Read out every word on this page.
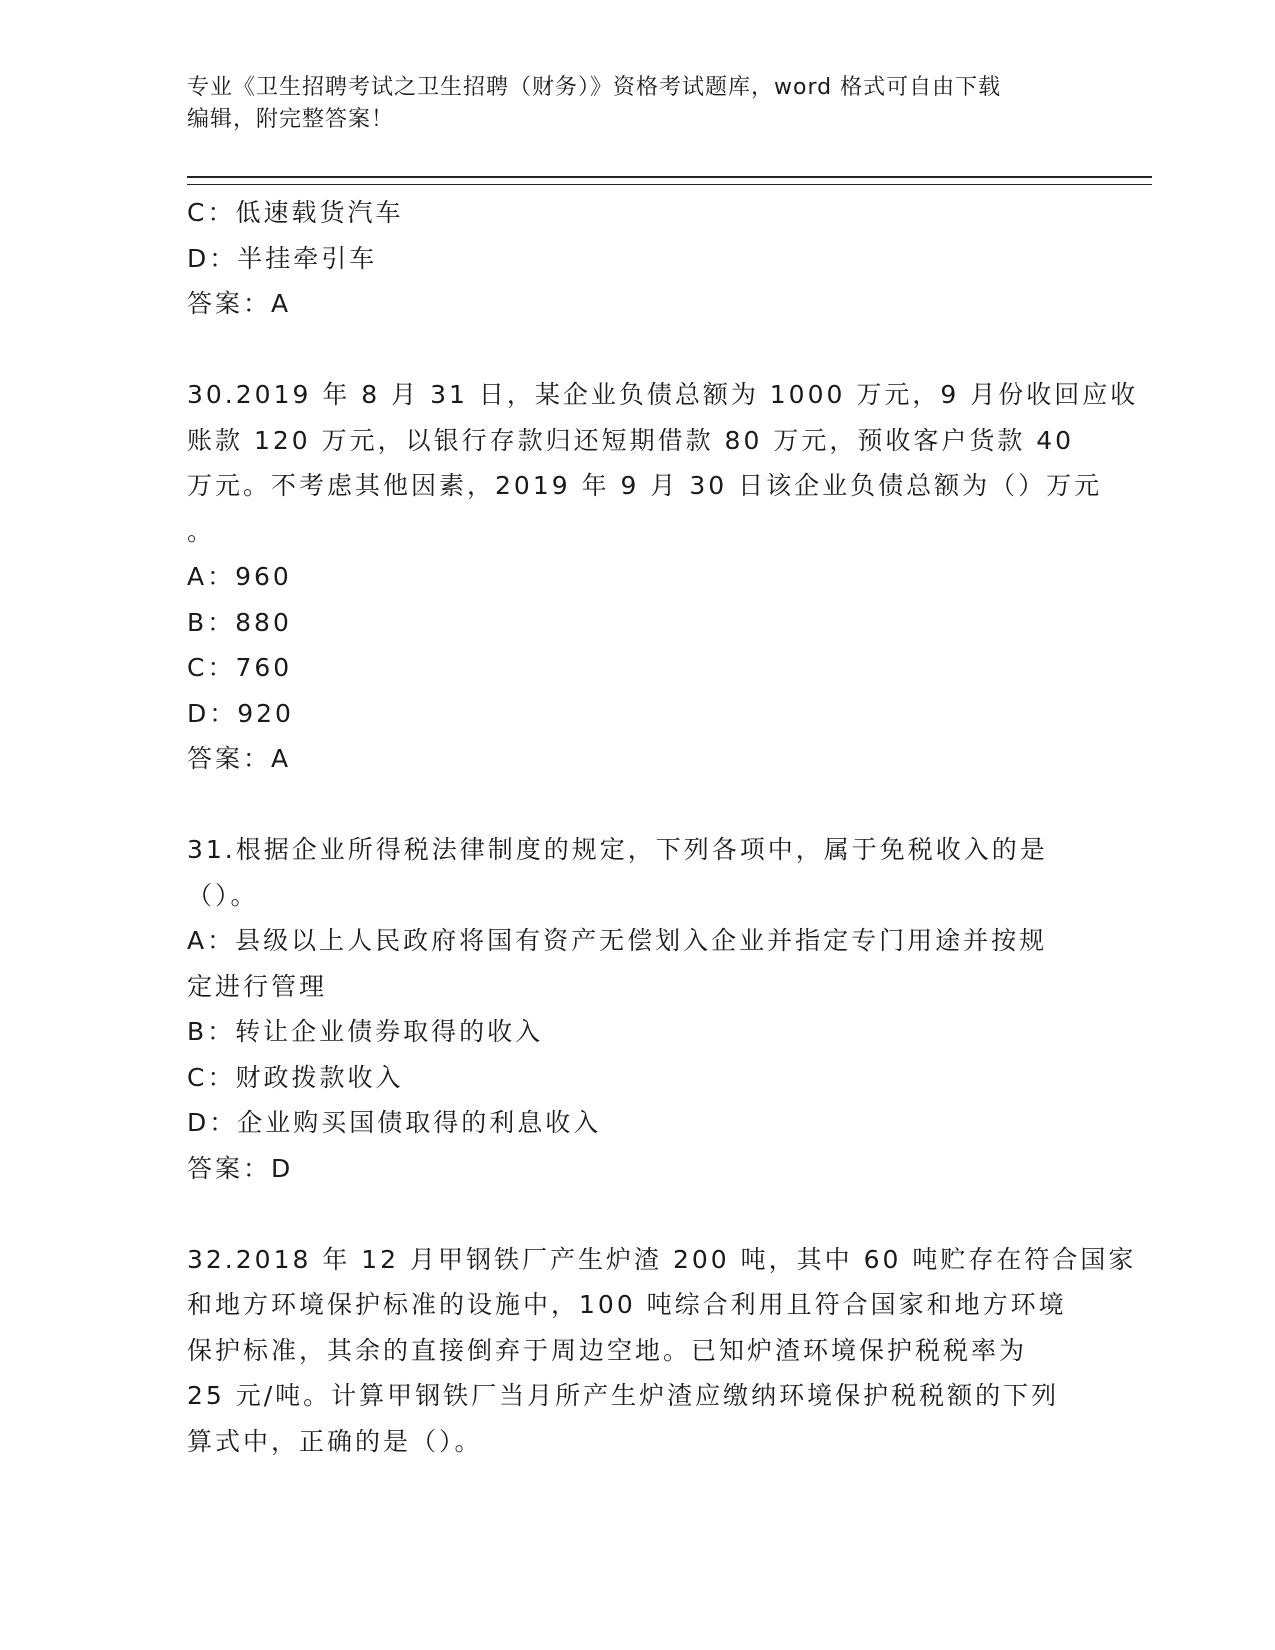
专业《卫生招聘考试之卫生招聘（财务）》资格考试题库，word 格式可自由下载
编辑，附完整答案！
C：低速载货汽车
D：半挂牵引车
答案：A
30.2019 年 8 月 31 日，某企业负债总额为 1000 万元，9 月份收回应收
账款 120 万元，以银行存款归还短期借款 80 万元，预收客户货款 40
万元。不考虑其他因素，2019 年 9 月 30 日该企业负债总额为（）万元
。
A：960
B：880
C：760
D：920
答案：A
31.根据企业所得税法律制度的规定，下列各项中，属于免税收入的是
（）。
A：县级以上人民政府将国有资产无偿划入企业并指定专门用途并按规
定进行管理
B：转让企业债券取得的收入
C：财政拨款收入
D：企业购买国债取得的利息收入
答案：D
32.2018 年 12 月甲钢铁厂产生炉渣 200 吨，其中 60 吨贮存在符合国家
和地方环境保护标准的设施中，100 吨综合利用且符合国家和地方环境
保护标准，其余的直接倒弃于周边空地。已知炉渣环境保护税税率为
25 元/吨。计算甲钢铁厂当月所产生炉渣应缴纳环境保护税税额的下列
算式中，正确的是（）。
